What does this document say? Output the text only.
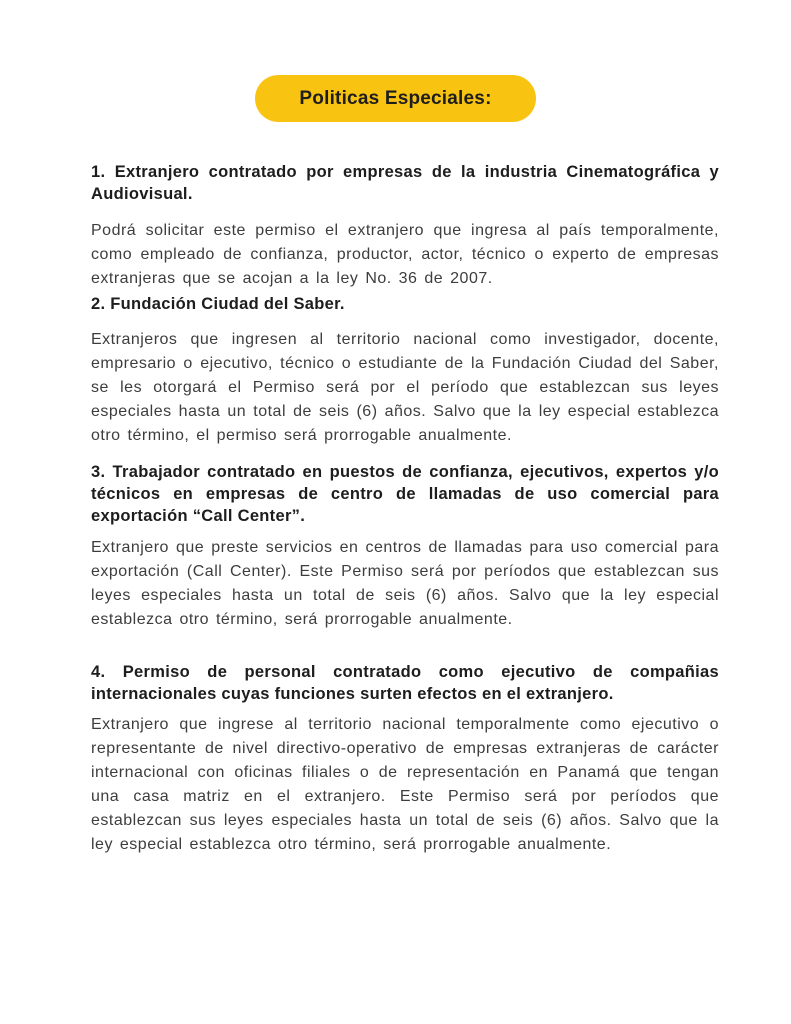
Politicas Especiales:
1. Extranjero contratado por empresas de la industria Cinematográfica y Audiovisual.

Podrá solicitar este permiso el extranjero que ingresa al país temporalmente, como empleado de confianza, productor, actor, técnico o experto de empresas extranjeras que se acojan a la ley No. 36 de 2007.

2. Fundación Ciudad del Saber.

Extranjeros que ingresen al territorio nacional como investigador, docente, empresario o ejecutivo, técnico o estudiante de la Fundación Ciudad del Saber, se les otorgará el Permiso será por el período que establezcan sus leyes especiales hasta un total de seis (6) años. Salvo que la ley especial establezca otro término, el permiso será prorrogable anualmente.

3. Trabajador contratado en puestos de confianza, ejecutivos, expertos y/o técnicos en empresas de centro de llamadas de uso comercial para exportación “Call Center”.

Extranjero que preste servicios en centros de llamadas para uso comercial para exportación (Call Center). Este Permiso será por períodos que establezcan sus leyes especiales hasta un total de seis (6) años. Salvo que la ley especial establezca otro término, será prorrogable anualmente.

4. Permiso de personal contratado como ejecutivo de compañias internacionales cuyas funciones surten efectos en el extranjero.

Extranjero que ingrese al territorio nacional temporalmente como ejecutivo o representante de nivel directivo-operativo de empresas extranjeras de carácter internacional con oficinas filiales o de representación en Panamá que tengan una casa matriz en el extranjero. Este Permiso será por períodos que establezcan sus leyes especiales hasta un total de seis (6) años. Salvo que la ley especial establezca otro término, será prorrogable anualmente.
